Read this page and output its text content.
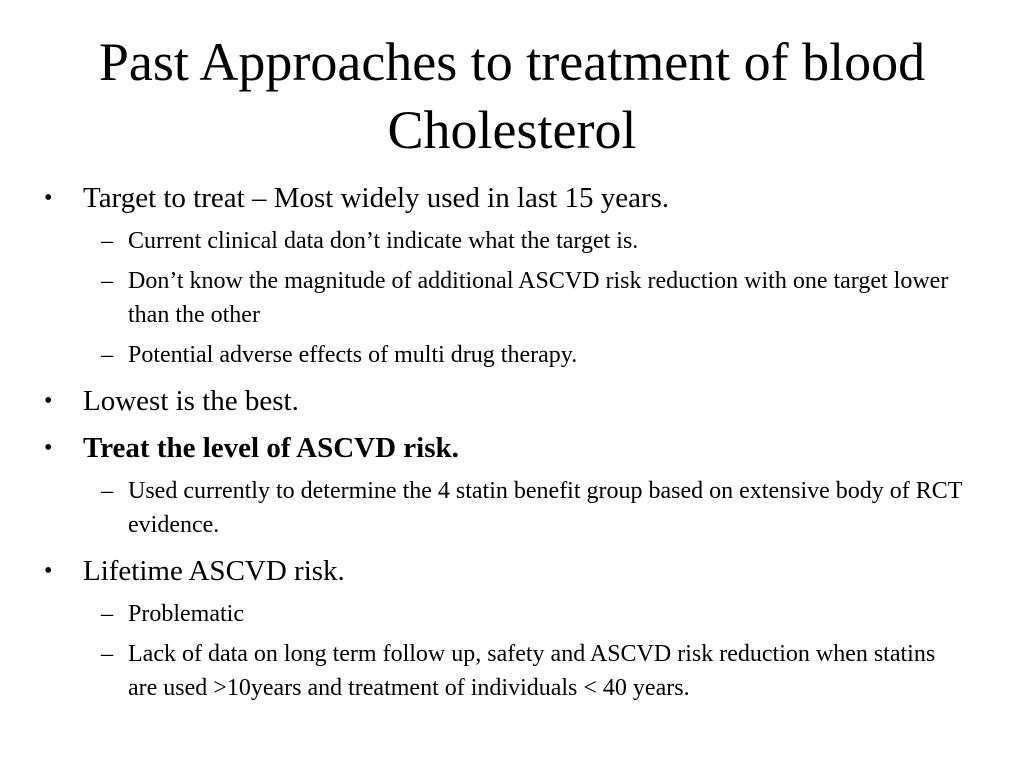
Past Approaches to treatment of blood Cholesterol
• Target to treat – Most widely used in last 15 years.
– Current clinical data don’t indicate what the target is.
– Don’t know the magnitude of additional ASCVD risk reduction with one target lower than the other
– Potential adverse effects of multi drug therapy.
• Lowest is the best.
• Treat the level of ASCVD risk.
– Used currently to determine the 4 statin benefit group based on extensive body of RCT evidence.
• Lifetime ASCVD risk.
– Problematic
– Lack of data on long term follow up, safety and ASCVD risk reduction when statins are used >10years and treatment of individuals < 40 years.
